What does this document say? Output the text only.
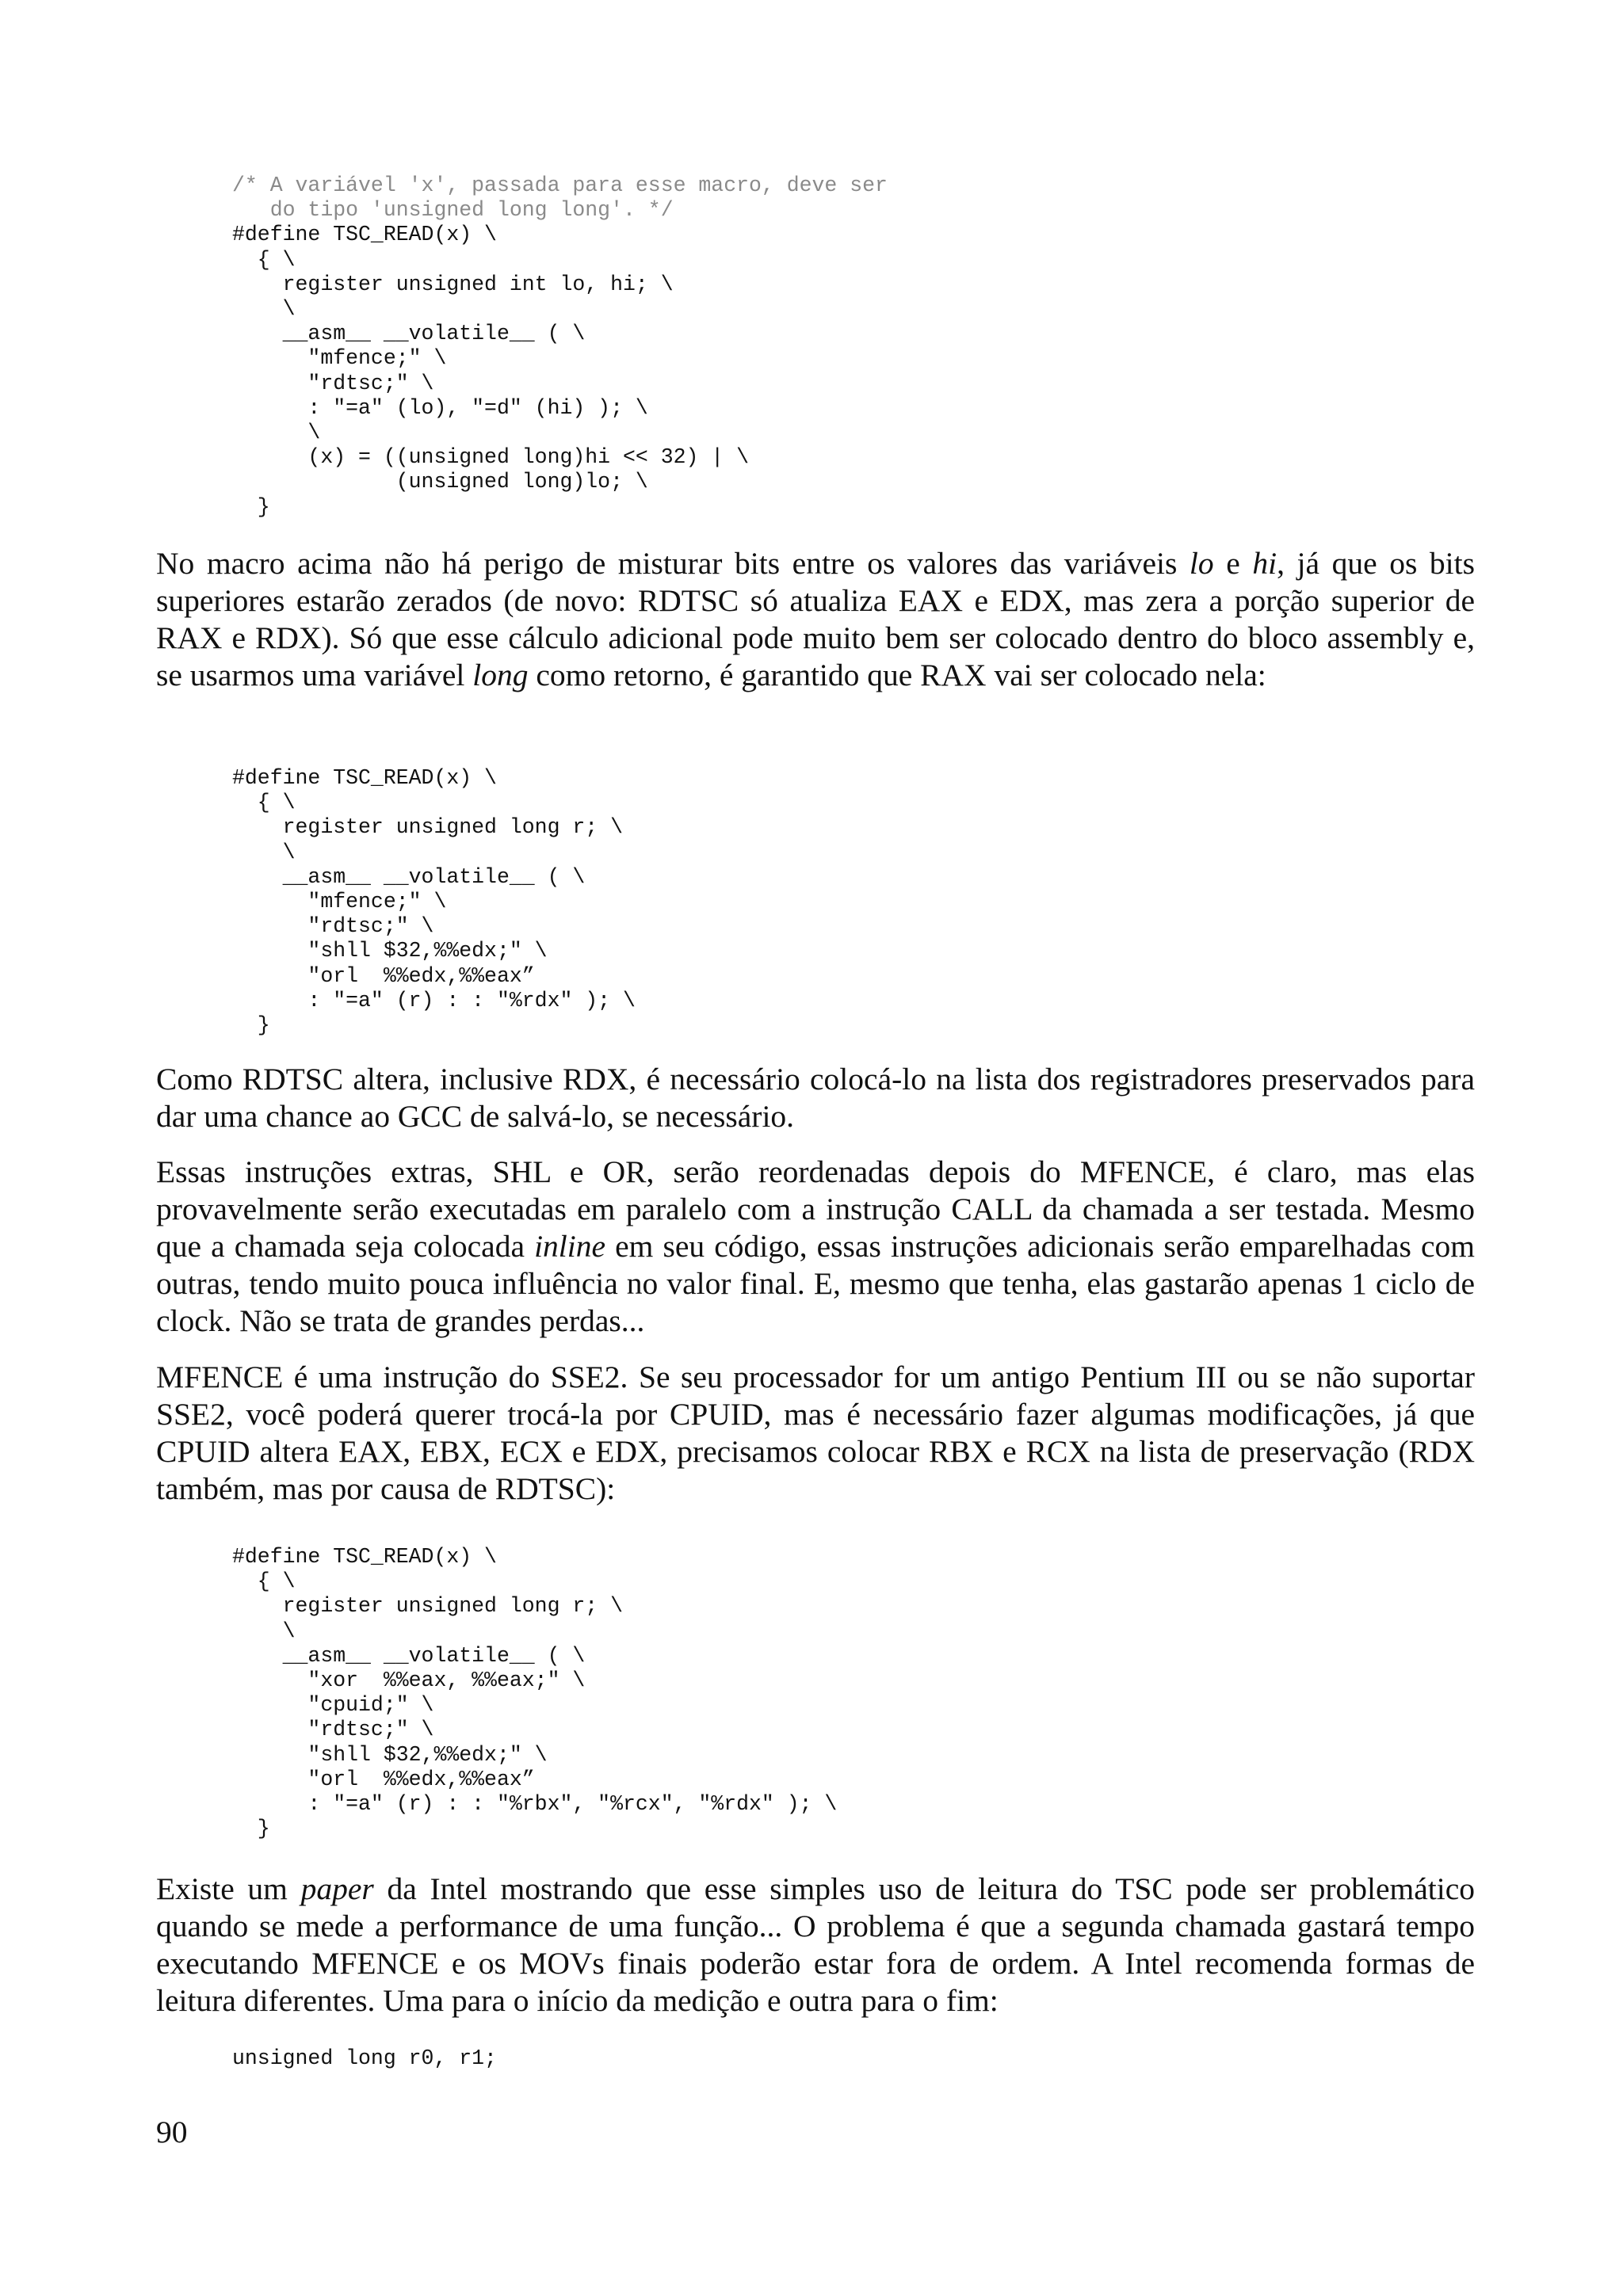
/* A variável 'x', passada para esse macro, deve ser
do tipo 'unsigned long long'. */
#define TSC_READ(x) \
{ \
register unsigned int lo, hi; \
\
__asm__ __volatile__ ( \
"mfence;" \
"rdtsc;" \
: "=a" (lo), "=d" (hi) ); \
\
(x) = ((unsigned long)hi << 32) | \
(unsigned long)lo; \
}

No macro acima não há perigo de misturar bits entre os valores das variáveis lo e hi, já que os bits superiores estarão zerados (de novo: RDTSC só atualiza EAX e EDX, mas zera a porção superior de RAX e RDX). Só que esse cálculo adicional pode muito bem ser colocado dentro do bloco assembly e, se usarmos uma variável long como retorno, é garantido que RAX vai ser colocado nela:

#define TSC_READ(x) \
{ \
register unsigned long r; \
\
__asm__ __volatile__ ( \
"mfence;" \
"rdtsc;" \
"shll $32,%%edx;" \
"orl  %%edx,%%eax”
: "=a" (r) : : "%rdx" ); \
}

Como RDTSC altera, inclusive RDX, é necessário colocá-lo na lista dos registradores preservados para dar uma chance ao GCC de salvá-lo, se necessário.

Essas instruções extras, SHL e OR, serão reordenadas depois do MFENCE, é claro, mas elas provavelmente serão executadas em paralelo com a instrução CALL da chamada a ser testada. Mesmo que a chamada seja colocada inline em seu código, essas instruções adicionais serão emparelhadas com outras, tendo muito pouca influência no valor final. E, mesmo que tenha, elas gastarão apenas 1 ciclo de clock. Não se trata de grandes perdas...

MFENCE é uma instrução do SSE2. Se seu processador for um antigo Pentium III ou se não suportar SSE2, você poderá querer trocá-la por CPUID, mas é necessário fazer algumas modificações, já que CPUID altera EAX, EBX, ECX e EDX, precisamos colocar RBX e RCX na lista de preservação (RDX também, mas por causa de RDTSC):

Existe um paper da Intel mostrando que esse simples uso de leitura do TSC pode ser problemático quando se mede a performance de uma função... O problema é que a segunda chamada gastará tempo executando MFENCE e os MOVs finais poderão estar fora de ordem. A Intel recomenda formas de leitura diferentes. Uma para o início da medição e outra para o fim:

#define TSC_READ(x) \
{ \
register unsigned long r; \
\
__asm__ __volatile__ ( \
"xor  %%eax, %%eax;" \
"cpuid;" \
"rdtsc;" \
"shll $32,%%edx;" \
"orl  %%edx,%%eax”
: "=a" (r) : : "%rbx", "%rcx", "%rdx" ); \
}
unsigned long r0, r1;
90
